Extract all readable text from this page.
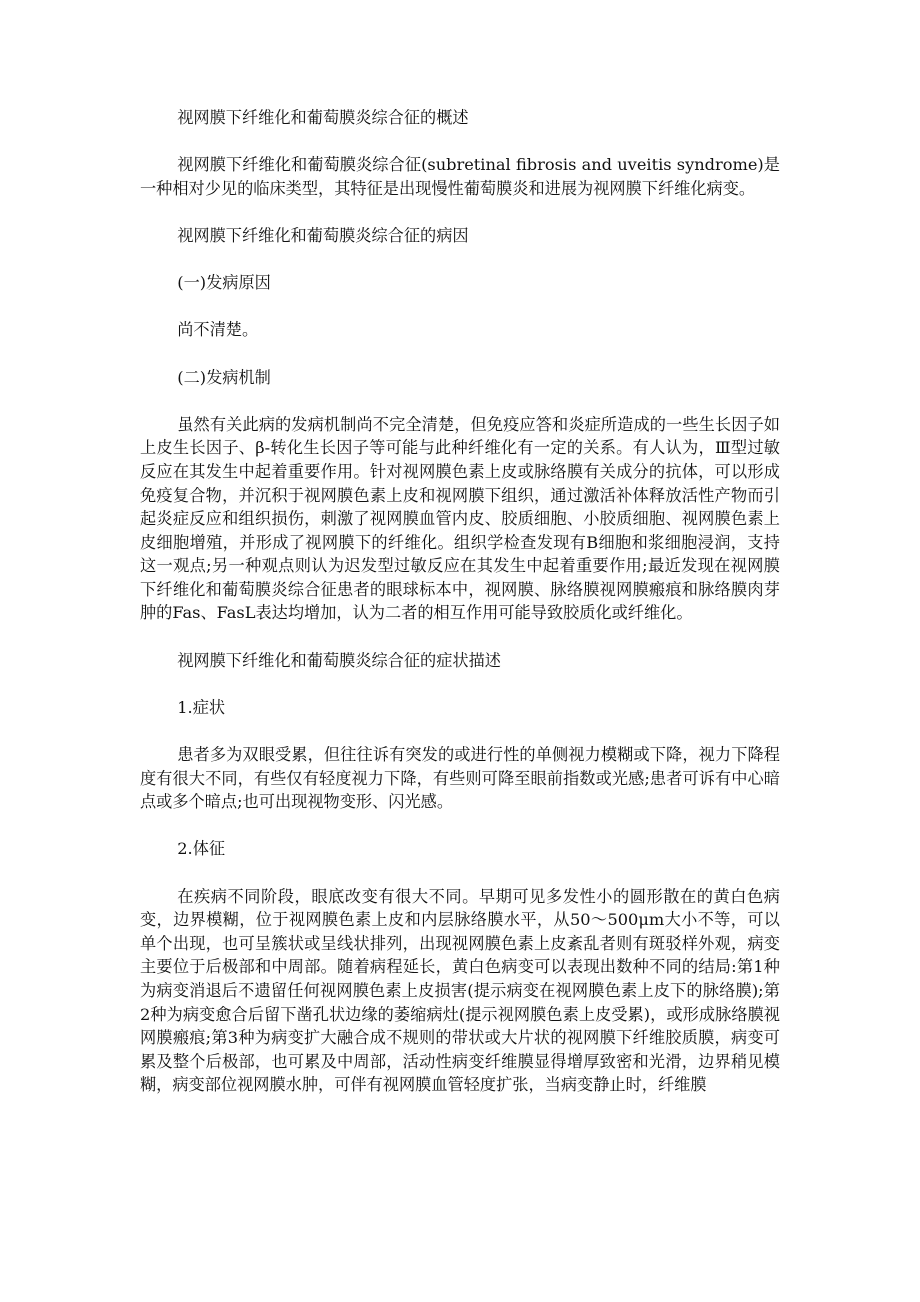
视网膜下纤维化和葡萄膜炎综合征的概述

视网膜下纤维化和葡萄膜炎综合征(subretinal fibrosis and uveitis syndrome)是一种相对少见的临床类型，其特征是出现慢性葡萄膜炎和进展为视网膜下纤维化病变。

视网膜下纤维化和葡萄膜炎综合征的病因

(一)发病原因

尚不清楚。

(二)发病机制

虽然有关此病的发病机制尚不完全清楚，但免疫应答和炎症所造成的一些生长因子如上皮生长因子、β-转化生长因子等可能与此种纤维化有一定的关系。有人认为，Ⅲ型过敏反应在其发生中起着重要作用。针对视网膜色素上皮或脉络膜有关成分的抗体，可以形成免疫复合物，并沉积于视网膜色素上皮和视网膜下组织，通过激活补体释放活性产物而引起炎症反应和组织损伤，刺激了视网膜血管内皮、胶质细胞、小胶质细胞、视网膜色素上皮细胞增殖，并形成了视网膜下的纤维化。组织学检查发现有B细胞和浆细胞浸润，支持这一观点;另一种观点则认为迟发型过敏反应在其发生中起着重要作用;最近发现在视网膜下纤维化和葡萄膜炎综合征患者的眼球标本中，视网膜、脉络膜视网膜瘢痕和脉络膜肉芽肿的Fas、FasL表达均增加，认为二者的相互作用可能导致胶质化或纤维化。

视网膜下纤维化和葡萄膜炎综合征的症状描述

1.症状

患者多为双眼受累，但往往诉有突发的或进行性的单侧视力模糊或下降，视力下降程度有很大不同，有些仅有轻度视力下降，有些则可降至眼前指数或光感;患者可诉有中心暗点或多个暗点;也可出现视物变形、闪光感。

2.体征

在疾病不同阶段，眼底改变有很大不同。早期可见多发性小的圆形散在的黄白色病变，边界模糊，位于视网膜色素上皮和内层脉络膜水平，从50～500μm大小不等，可以单个出现，也可呈簇状或呈线状排列，出现视网膜色素上皮紊乱者则有斑驳样外观，病变主要位于后极部和中周部。随着病程延长，黄白色病变可以表现出数种不同的结局:第1种为病变消退后不遗留任何视网膜色素上皮损害(提示病变在视网膜色素上皮下的脉络膜);第2种为病变愈合后留下凿孔状边缘的萎缩病灶(提示视网膜色素上皮受累)，或形成脉络膜视网膜瘢痕;第3种为病变扩大融合成不规则的带状或大片状的视网膜下纤维胶质膜，病变可累及整个后极部，也可累及中周部，活动性病变纤维膜显得增厚致密和光滑，边界稍见模糊，病变部位视网膜水肿，可伴有视网膜血管轻度扩张，当病变静止时，纤维膜
